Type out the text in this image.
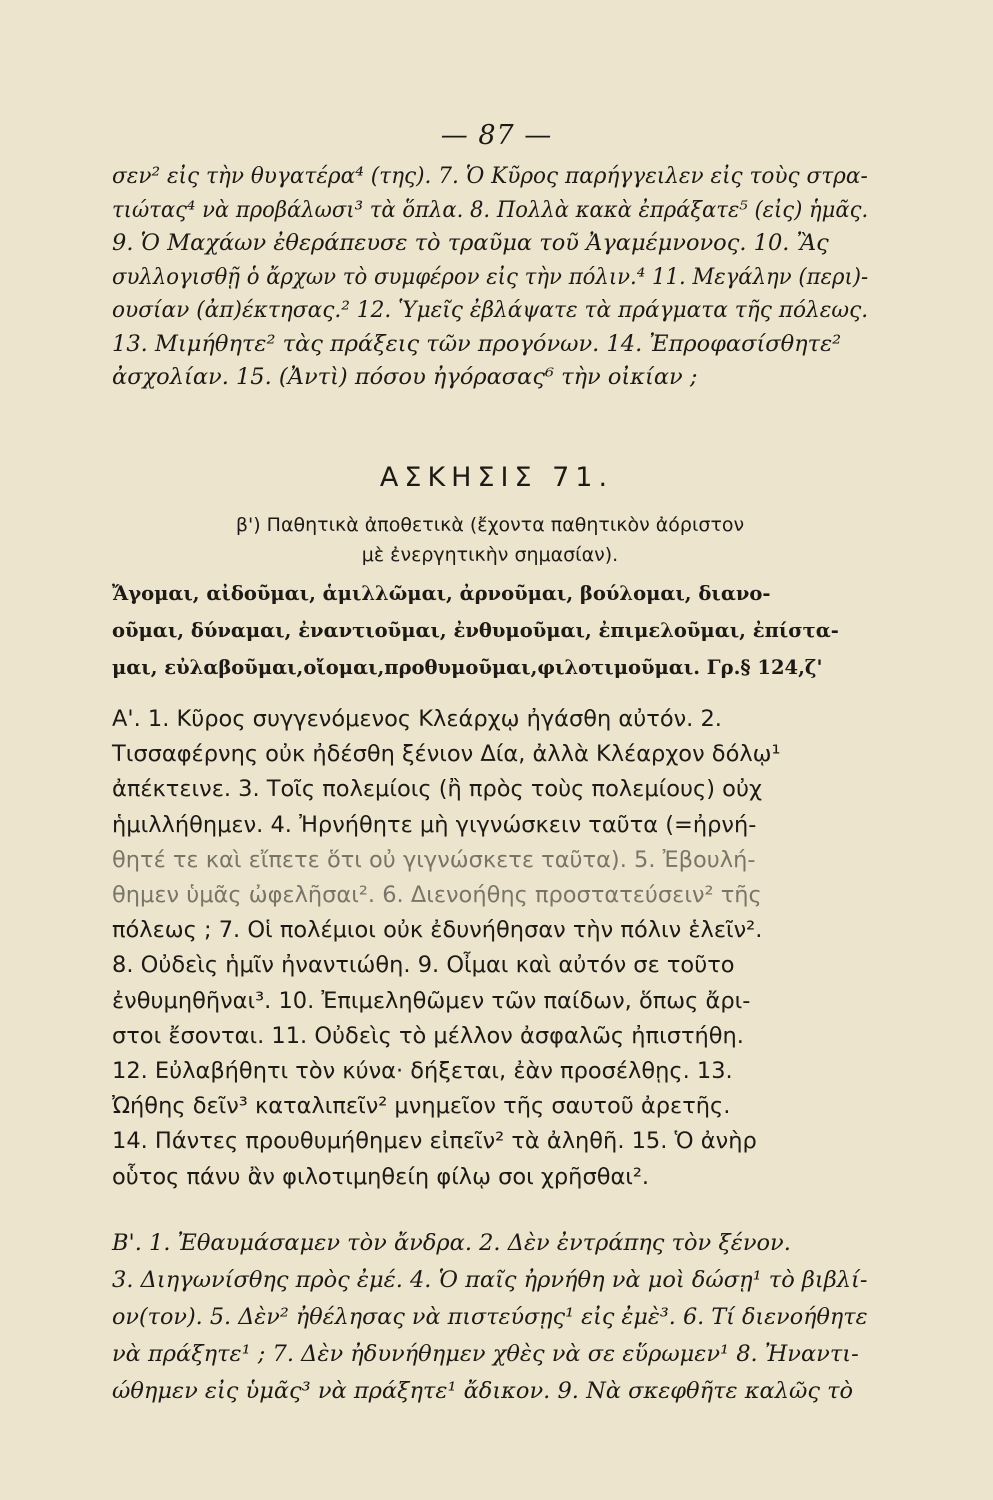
— 87 —
σεν² εἰς τὴν θυγατέρα⁴ (της). 7. Ὁ Κῦρος παρήγγειλεν εἰς τοὺς στρα-
τιώτας⁴ νὰ προβάλωσι³ τὰ ὅπλα. 8. Πολλὰ κακὰ ἐπράξατε⁵ (εἰς) ἡμᾶς.
9. Ὁ Μαχάων ἐθεράπευσε τὸ τραῦμα τοῦ Ἀγαμέμνονος. 10. Ἂς
συλλογισθῇ ὁ ἄρχων τὸ συμφέρον εἰς τὴν πόλιν.⁴ 11. Μεγάλην (περι)-
ουσίαν (ἀπ)έκτησας.² 12. Ὑμεῖς ἐβλάψατε τὰ πράγματα τῆς πόλεως.
13. Μιμήθητε² τὰς πράξεις τῶν προγόνων. 14. Ἐπροφασίσθητε²
ἀσχολίαν. 15. (Ἀντὶ) πόσου ἠγόρασας⁶ τὴν οἰκίαν ;
ΑΣΚΗΣΙΣ 71.
β') Παθητικὰ ἀποθετικὰ (ἔχοντα παθητικὸν ἀόριστον
μὲ ἐνεργητικὴν σημασίαν).
Ἄγομαι, αἰδοῦμαι, ἁμιλλῶμαι, ἀρνοῦμαι, βούλομαι, διανο-
οῦμαι, δύναμαι, ἐναντιοῦμαι, ἐνθυμοῦμαι, ἐπιμελοῦμαι, ἐπίστα-
μαι, εὐλαβοῦμαι,οἴομαι,προθυμοῦμαι,φιλοτιμοῦμαι. Γρ.§ 124,ζ'
Α'. 1. Κῦρος συγγενόμενος Κλεάρχῳ ἠγάσθη αὐτόν. 2.
Τισσαφέρνης οὐκ ἠδέσθη ξένιον Δία, ἀλλὰ Κλέαρχον δόλῳ¹
ἀπέκτεινε. 3. Τοῖς πολεμίοις (ἢ πρὸς τοὺς πολεμίους) οὐχ
ἡμιλλήθημεν. 4. Ἠρνήθητε μὴ γιγνώσκειν ταῦτα (=ἠρνή-
θητέ τε καὶ εἴπετε ὅτι οὐ γιγνώσκετε ταῦτα). 5. Ἐβουλή-
θημεν ὑμᾶς ὠφελῆσαι². 6. Διενοήθης προστατεύσειν² τῆς
πόλεως ; 7. Οἱ πολέμιοι οὐκ ἐδυνήθησαν τὴν πόλιν ἑλεῖν².
8. Οὐδεὶς ἡμῖν ἠναντιώθη. 9. Οἶμαι καὶ αὐτόν σε τοῦτο
ἐνθυμηθῆναι³. 10. Ἐπιμεληθῶμεν τῶν παίδων, ὅπως ἄρι-
στοι ἔσονται. 11. Οὐδεὶς τὸ μέλλον ἀσφαλῶς ἠπιστήθη.
12. Εὐλαβήθητι τὸν κύνα· δήξεται, ἐὰν προσέλθῃς. 13.
Ὠήθης δεῖν³ καταλιπεῖν² μνημεῖον τῆς σαυτοῦ ἀρετῆς.
14. Πάντες προυθυμήθημεν εἰπεῖν² τὰ ἀληθῆ. 15. Ὁ ἀνὴρ
οὗτος πάνυ ἂν φιλοτιμηθείη φίλῳ σοι χρῆσθαι².
Β'. 1. Ἐθαυμάσαμεν τὸν ἄνδρα. 2. Δὲν ἐντράπης τὸν ξένον.
3. Διηγωνίσθης πρὸς ἐμέ. 4. Ὁ παῖς ἠρνήθη νὰ μοὶ δώσῃ¹ τὸ βιβλί-
ον(τον). 5. Δὲν² ἠθέλησας νὰ πιστεύσῃς¹ εἰς ἐμὲ³. 6. Τί διενοήθητε
νὰ πράξητε¹ ; 7. Δὲν ἠδυνήθημεν χθὲς νὰ σε εὕρωμεν¹ 8. Ἠναντι-
ώθημεν εἰς ὑμᾶς³ νὰ πράξητε¹ ἄδικον. 9. Νὰ σκεφθῆτε καλῶς τὸ
